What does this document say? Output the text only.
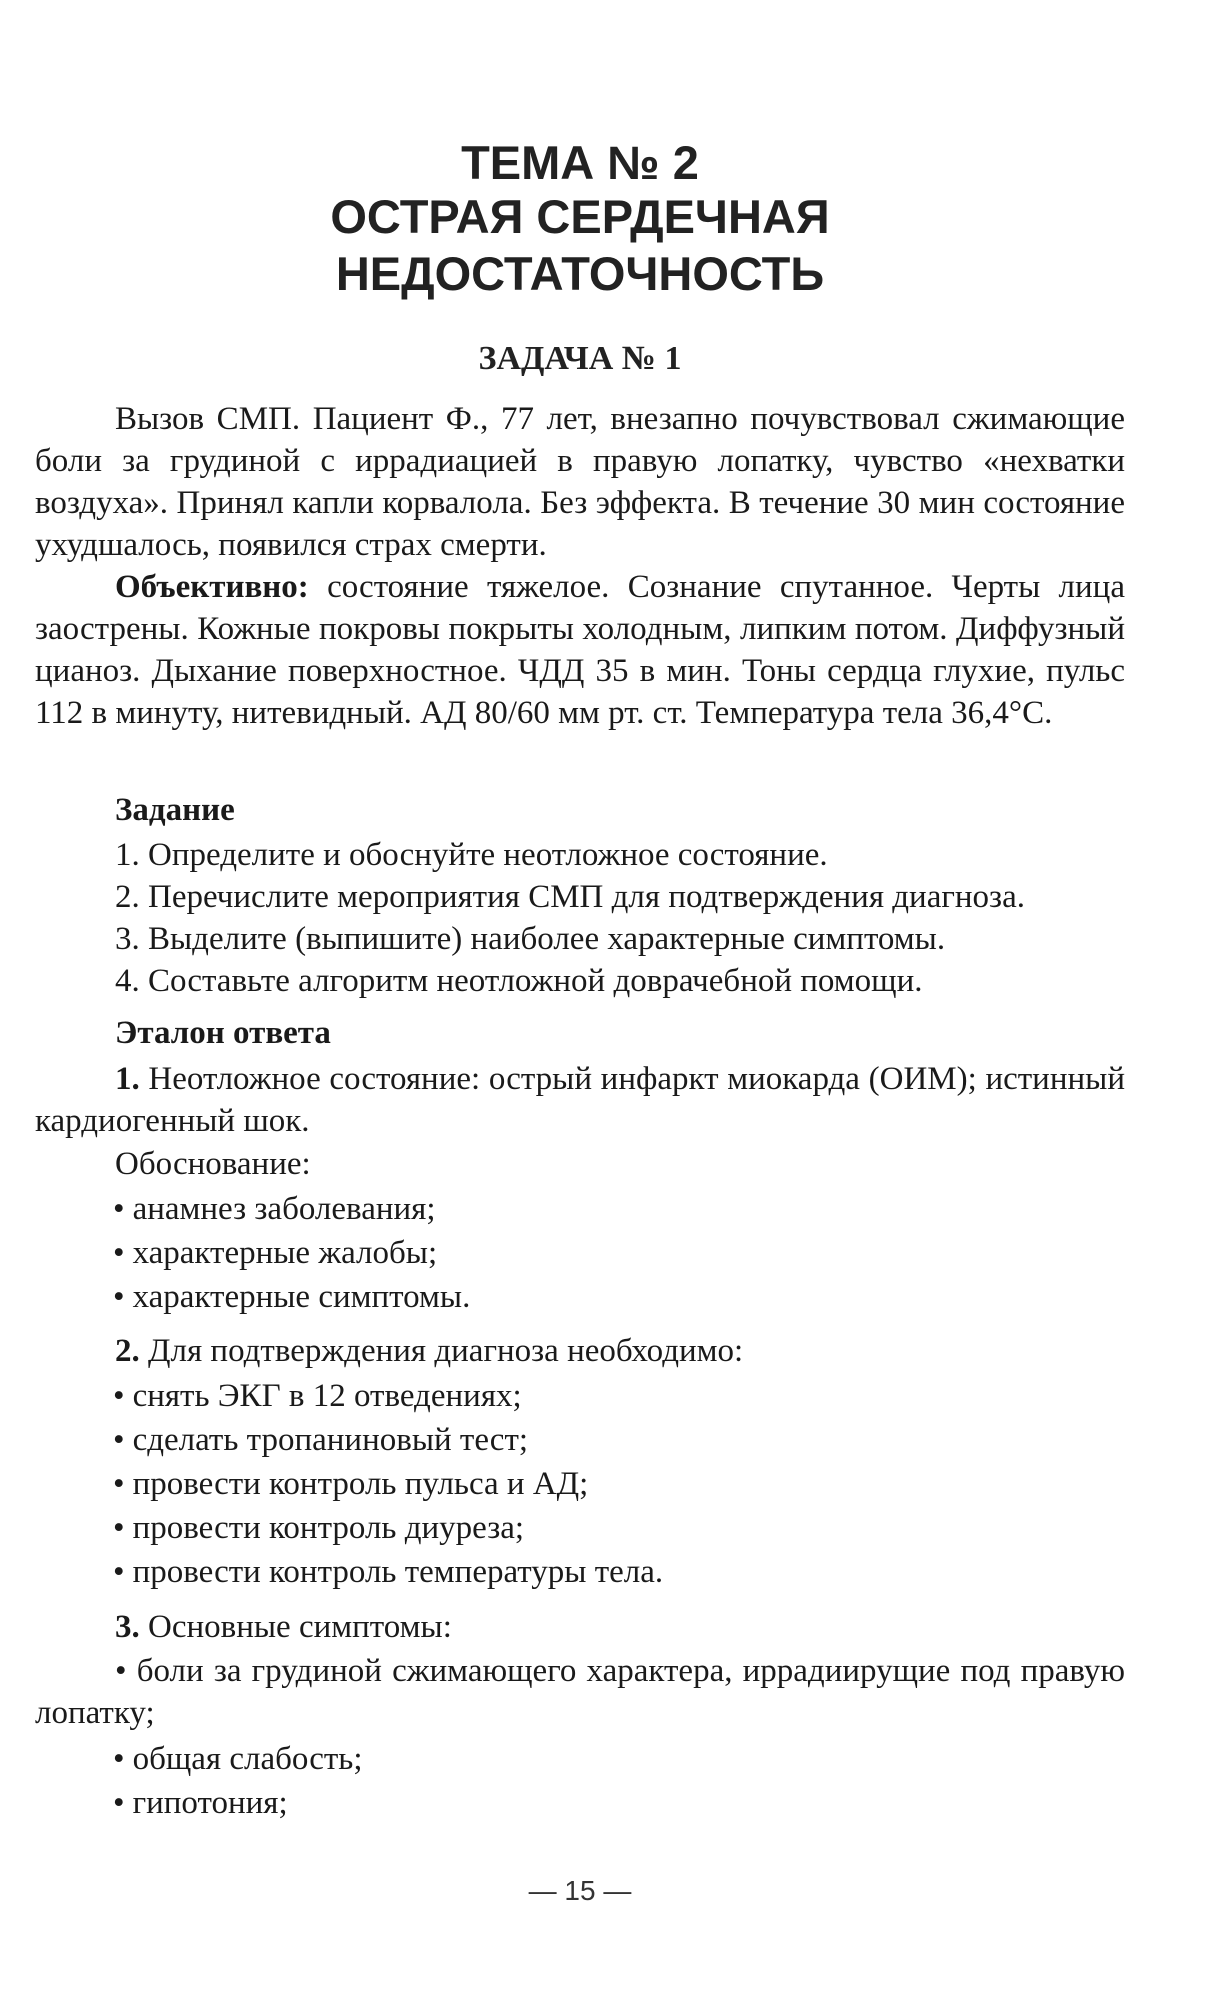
ТЕМА № 2
ОСТРАЯ СЕРДЕЧНАЯ
НЕДОСТАТОЧНОСТЬ
ЗАДАЧА № 1

Вызов СМП. Пациент Ф., 77 лет, внезапно почувствовал сжимающие боли за грудиной с иррадиацией в правую лопатку, чувство «нехватки воздуха». Принял капли корвалола. Без эффекта. В течение 30 мин состояние ухудшалось, появился страх смерти.

Объективно: состояние тяжелое. Сознание спутанное. Черты лица заострены. Кожные покровы покрыты холодным, липким потом. Диффузный цианоз. Дыхание поверхностное. ЧДД 35 в мин. Тоны сердца глухие, пульс 112 в минуту, нитевидный. АД 80/60 мм рт. ст. Температура тела 36,4°С.

Задание
1. Определите и обоснуйте неотложное состояние.
2. Перечислите мероприятия СМП для подтверждения диагноза.
3. Выделите (выпишите) наиболее характерные симптомы.
4. Составьте алгоритм неотложной доврачебной помощи.
Эталон ответа

1. Неотложное состояние: острый инфаркт миокарда (ОИМ); истинный кардиогенный шок.

Обоснование:
• анамнез заболевания;
• характерные жалобы;
• характерные симптомы.
2. Для подтверждения диагноза необходимо:
• снять ЭКГ в 12 отведениях;
• сделать тропаниновый тест;
• провести контроль пульса и АД;
• провести контроль диуреза;
• провести контроль температуры тела.
3. Основные симптомы:

• боли за грудиной сжимающего характера, иррадиирущие под правую лопатку;

• общая слабость;
• гипотония;
— 15 —
